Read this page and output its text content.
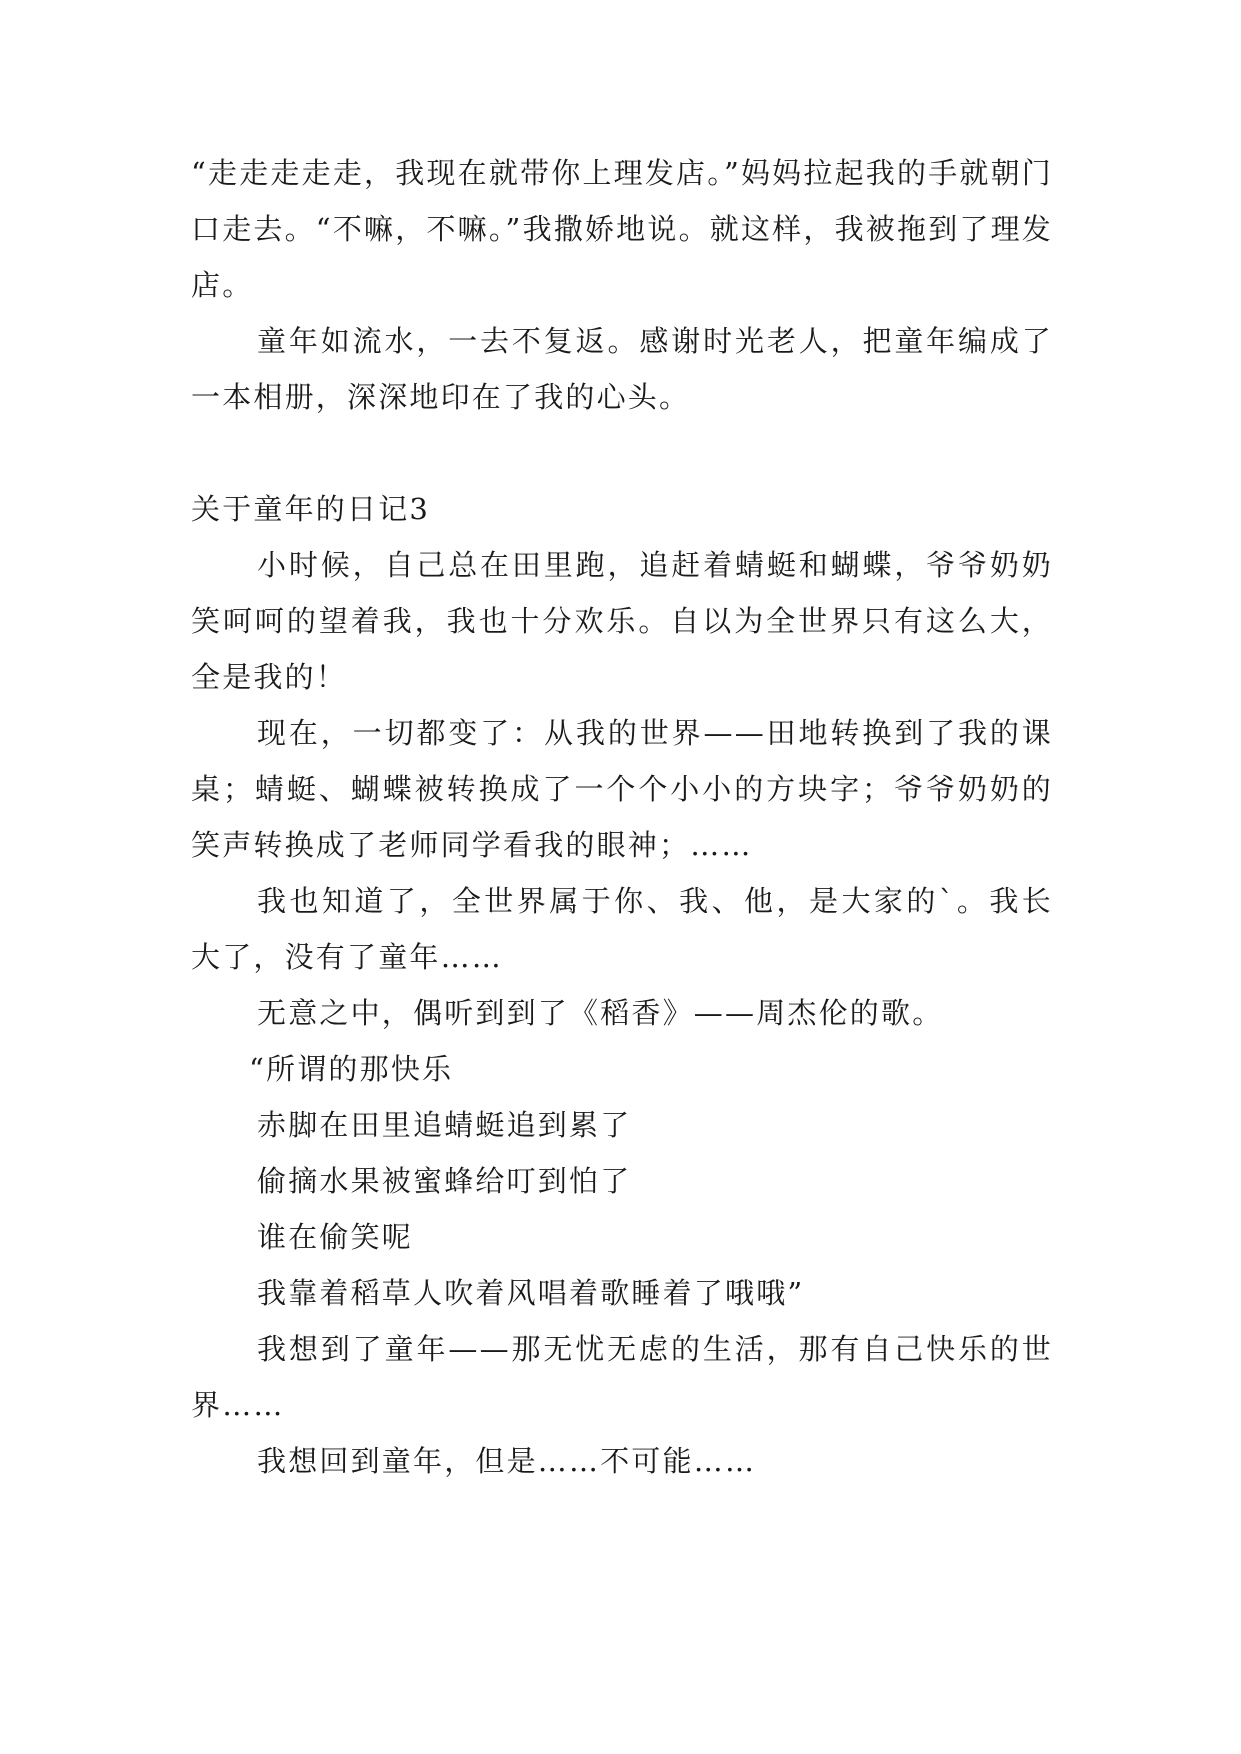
“走走走走走，我现在就带你上理发店。”妈妈拉起我的手就朝门口走去。“不嘛，不嘛。”我撒娇地说。就这样，我被拖到了理发店。

童年如流水，一去不复返。感谢时光老人，把童年编成了一本相册，深深地印在了我的心头。

关于童年的日记3

小时候，自己总在田里跑，追赶着蜻蜓和蝴蝶，爷爷奶奶笑呵呵的望着我，我也十分欢乐。自以为全世界只有这么大，全是我的！

现在，一切都变了：从我的世界——田地转换到了我的课桌；蜻蜓、蝴蝶被转换成了一个个小小的方块字；爷爷奶奶的笑声转换成了老师同学看我的眼神；……

我也知道了，全世界属于你、我、他，是大家的`。我长大了，没有了童年……

无意之中，偶听到到了《稻香》——周杰伦的歌。

“所谓的那快乐

赤脚在田里追蜻蜓追到累了

偷摘水果被蜜蜂给叮到怕了

谁在偷笑呢

我靠着稻草人吹着风唱着歌睡着了哦哦”

我想到了童年——那无忧无虑的生活，那有自己快乐的世界……

我想回到童年，但是……不可能……
